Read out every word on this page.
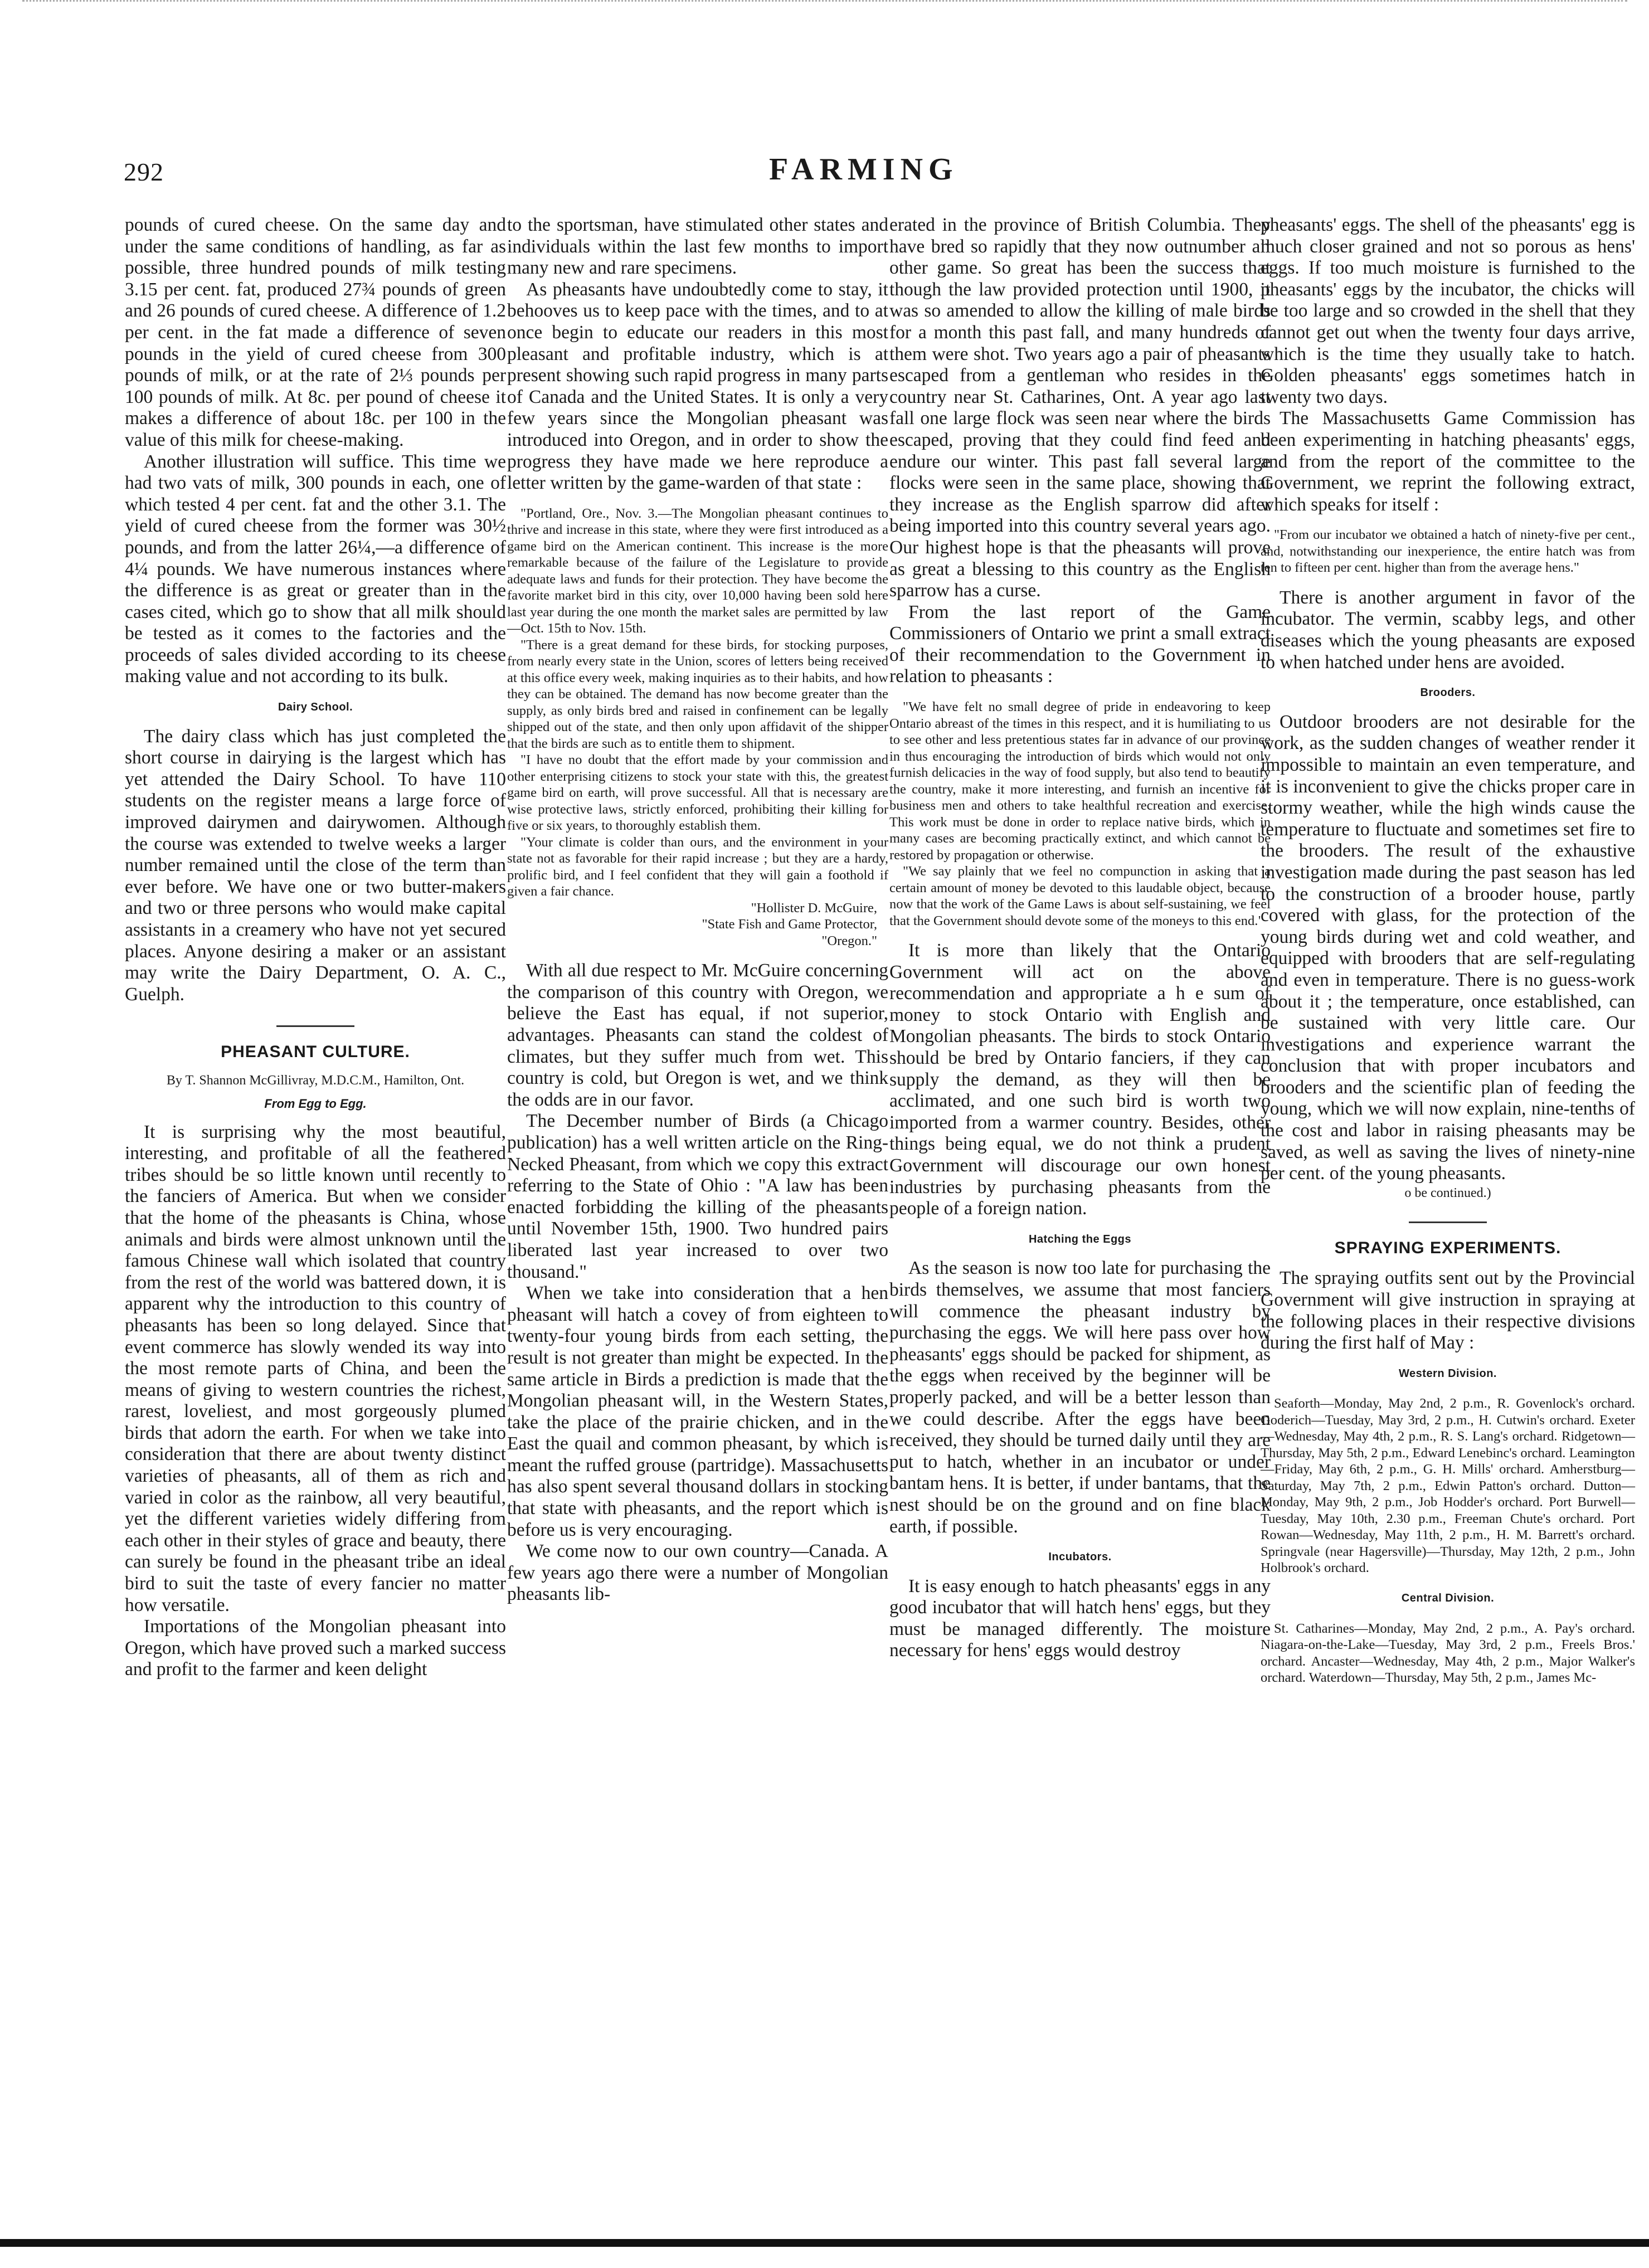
292	FARMING

pounds of cured cheese. On the same day and under the same conditions of handling, as far as possible, three hundred pounds of milk testing 3.15 per cent. fat, produced 27¾ pounds of green and 26 pounds of cured cheese. A difference of 1.2 per cent. in the fat made a difference of seven pounds in the yield of cured cheese from 300 pounds of milk, or at the rate of 2⅓ pounds per 100 pounds of milk. At 8c. per pound of cheese it makes a difference of about 18c. per 100 in the value of this milk for cheese-making.

Another illustration will suffice. This time we had two vats of milk, 300 pounds in each, one of which tested 4 per cent. fat and the other 3.1. The yield of cured cheese from the former was 30½ pounds, and from the latter 26¼,—a difference of 4¼ pounds. We have numerous instances where the difference is as great or greater than in the cases cited, which go to show that all milk should be tested as it comes to the factories and the proceeds of sales divided according to its cheese making value and not according to its bulk.

Dairy School.

The dairy class which has just completed the short course in dairying is the largest which has yet attended the Dairy School. To have 110 students on the register means a large force of improved dairymen and dairywomen. Although the course was extended to twelve weeks a larger number remained until the close of the term than ever before. We have one or two butter-makers and two or three persons who would make capital assistants in a creamery who have not yet secured places. Anyone desiring a maker or an assistant may write the Dairy Department, O. A. C., Guelph.

PHEASANT CULTURE.
By T. Shannon McGillivray, M.D.C.M., Hamilton, Ont.
From Egg to Egg.

It is surprising why the most beautiful, interesting, and profitable of all the feathered tribes should be so little known until recently to the fanciers of America. But when we consider that the home of the pheasants is China, whose animals and birds were almost unknown until the famous Chinese wall which isolated that country from the rest of the world was battered down, it is apparent why the introduction to this country of pheasants has been so long delayed. Since that event commerce has slowly wended its way into the most remote parts of China, and been the means of giving to western countries the richest, rarest, loveliest, and most gorgeously plumed birds that adorn the earth. For when we take into consideration that there are about twenty distinct varieties of pheasants, all of them as rich and varied in color as the rainbow, all very beautiful, yet the different varieties widely differing from each other in their styles of grace and beauty, there can surely be found in the pheasant tribe an ideal bird to suit the taste of every fancier no matter how versatile.

Importations of the Mongolian pheasant into Oregon, which have proved such a marked success and profit to the farmer and keen delight

to the sportsman, have stimulated other states and individuals within the last few months to import many new and rare specimens.

As pheasants have undoubtedly come to stay, it behooves us to keep pace with the times, and to at once begin to educate our readers in this most pleasant and profitable industry, which is at present showing such rapid progress in many parts of Canada and the United States. It is only a very few years since the Mongolian pheasant was introduced into Oregon, and in order to show the progress they have made we here reproduce a letter written by the game-warden of that state :

"Portland, Ore., Nov. 3.—The Mongolian pheasant continues to thrive and increase in this state, where they were first introduced as a game bird on the American continent. This increase is the more remarkable because of the failure of the Legislature to provide adequate laws and funds for their protection. They have become the favorite market bird in this city, over 10,000 having been sold here last year during the one month the market sales are permitted by law—Oct. 15th to Nov. 15th.

"There is a great demand for these birds, for stocking purposes, from nearly every state in the Union, scores of letters being received at this office every week, making inquiries as to their habits, and how they can be obtained. The demand has now become greater than the supply, as only birds bred and raised in confinement can be legally shipped out of the state, and then only upon affidavit of the shipper that the birds are such as to entitle them to shipment.

"I have no doubt that the effort made by your commission and other enterprising citizens to stock your state with this, the greatest game bird on earth, will prove successful. All that is necessary are wise protective laws, strictly enforced, prohibiting their killing for five or six years, to thoroughly establish them.

"Your climate is colder than ours, and the environment in your state not as favorable for their rapid increase ; but they are a hardy, prolific bird, and I feel confident that they will gain a foothold if given a fair chance.

"Hollister D. McGuire,

"State Fish and Game Protector,

"Oregon."

With all due respect to Mr. McGuire concerning the comparison of this country with Oregon, we believe the East has equal, if not superior, advantages. Pheasants can stand the coldest of climates, but they suffer much from wet. This country is cold, but Oregon is wet, and we think the odds are in our favor.

The December number of Birds (a Chicago publication) has a well written article on the Ring-Necked Pheasant, from which we copy this extract referring to the State of Ohio : "A law has been enacted forbidding the killing of the pheasants until November 15th, 1900. Two hundred pairs liberated last year increased to over two thousand."

When we take into consideration that a hen pheasant will hatch a covey of from eighteen to twenty-four young birds from each setting, the result is not greater than might be expected. In the same article in Birds a prediction is made that the Mongolian pheasant will, in the Western States, take the place of the prairie chicken, and in the East the quail and common pheasant, by which is meant the ruffed grouse (partridge). Massachusetts has also spent several thousand dollars in stocking that state with pheasants, and the report which is before us is very encouraging.

We come now to our own country—Canada. A few years ago there were a number of Mongolian pheasants lib-

erated in the province of British Columbia. They have bred so rapidly that they now outnumber all other game. So great has been the success that though the law provided protection until 1900, it was so amended to allow the killing of male birds for a month this past fall, and many hundreds of them were shot. Two years ago a pair of pheasants escaped from a gentleman who resides in the country near St. Catharines, Ont. A year ago last fall one large flock was seen near where the birds escaped, proving that they could find feed and endure our winter. This past fall several large flocks were seen in the same place, showing that they increase as the English sparrow did after being imported into this country several years ago. Our highest hope is that the pheasants will prove as great a blessing to this country as the English sparrow has a curse.

From the last report of the Game Commissioners of Ontario we print a small extract of their recommendation to the Government in relation to pheasants :

"We have felt no small degree of pride in endeavoring to keep Ontario abreast of the times in this respect, and it is humiliating to us to see other and less pretentious states far in advance of our province in thus encouraging the introduction of birds which would not only furnish delicacies in the way of food supply, but also tend to beautify the country, make it more interesting, and furnish an incentive for business men and others to take healthful recreation and exercise. This work must be done in order to replace native birds, which in many cases are becoming practically extinct, and which cannot be restored by propagation or otherwise.

"We say plainly that we feel no compunction in asking that a certain amount of money be devoted to this laudable object, because now that the work of the Game Laws is about self-sustaining, we feel that the Government should devote some of the moneys to this end."

It is more than likely that the Ontario Government will act on the above recommendation and appropriate a h e sum of money to stock Ontario with English and Mongolian pheasants. The birds to stock Ontario should be bred by Ontario fanciers, if they can supply the demand, as they will then be acclimated, and one such bird is worth two imported from a warmer country. Besides, other things being equal, we do not think a prudent Government will discourage our own honest industries by purchasing pheasants from the people of a foreign nation.

Hatching the Eggs

As the season is now too late for purchasing the birds themselves, we assume that most fanciers will commence the pheasant industry by purchasing the eggs. We will here pass over how pheasants' eggs should be packed for shipment, as the eggs when received by the beginner will be properly packed, and will be a better lesson than we could describe. After the eggs have been received, they should be turned daily until they are put to hatch, whether in an incubator or under bantam hens. It is better, if under bantams, that the nest should be on the ground and on fine black earth, if possible.

Incubators.

It is easy enough to hatch pheasants' eggs in any good incubator that will hatch hens' eggs, but they must be managed differently. The moisture necessary for hens' eggs would destroy

pheasants' eggs. The shell of the pheasants' egg is much closer grained and not so porous as hens' eggs. If too much moisture is furnished to the pheasants' eggs by the incubator, the chicks will be too large and so crowded in the shell that they cannot get out when the twenty four days arrive, which is the time they usually take to hatch. Golden pheasants' eggs sometimes hatch in twenty two days.

The Massachusetts Game Commission has been experimenting in hatching pheasants' eggs, and from the report of the committee to the Government, we reprint the following extract, which speaks for itself :

"From our incubator we obtained a hatch of ninety-five per cent., and, notwithstanding our inexperience, the entire hatch was from ten to fifteen per cent. higher than from the average hens."

There is another argument in favor of the incubator. The vermin, scabby legs, and other diseases which the young pheasants are exposed to when hatched under hens are avoided.

Brooders.

Outdoor brooders are not desirable for the work, as the sudden changes of weather render it impossible to maintain an even temperature, and it is inconvenient to give the chicks proper care in stormy weather, while the high winds cause the temperature to fluctuate and sometimes set fire to the brooders. The result of the exhaustive investigation made during the past season has led to the construction of a brooder house, partly covered with glass, for the protection of the young birds during wet and cold weather, and equipped with brooders that are self-regulating and even in temperature. There is no guess-work about it ; the temperature, once established, can be sustained with very little care. Our investigations and experience warrant the conclusion that with proper incubators and brooders and the scientific plan of feeding the young, which we will now explain, nine-tenths of the cost and labor in raising pheasants may be saved, as well as saving the lives of ninety-nine per cent. of the young pheasants.

o be continued.)
SPRAYING EXPERIMENTS.

The spraying outfits sent out by the Provincial Government will give instruction in spraying at the following places in their respective divisions during the first half of May :

Western Division.

Seaforth—Monday, May 2nd, 2 p.m., R. Govenlock's orchard. Goderich—Tuesday, May 3rd, 2 p.m., H. Cutwin's orchard. Exeter—Wednesday, May 4th, 2 p.m., R. S. Lang's orchard. Ridgetown—Thursday, May 5th, 2 p.m., Edward Lenebinc's orchard. Leamington—Friday, May 6th, 2 p.m., G. H. Mills' orchard. Amherstburg—Saturday, May 7th, 2 p.m., Edwin Patton's orchard. Dutton—Monday, May 9th, 2 p.m., Job Hodder's orchard. Port Burwell—Tuesday, May 10th, 2.30 p.m., Freeman Chute's orchard. Port Rowan—Wednesday, May 11th, 2 p.m., H. M. Barrett's orchard. Springvale (near Hagersville)—Thursday, May 12th, 2 p.m., John Holbrook's orchard.

Central Division.

St. Catharines—Monday, May 2nd, 2 p.m., A. Pay's orchard. Niagara-on-the-Lake—Tuesday, May 3rd, 2 p.m., Freels Bros.' orchard. Ancaster—Wednesday, May 4th, 2 p.m., Major Walker's orchard. Waterdown—Thursday, May 5th, 2 p.m., James Mc-
